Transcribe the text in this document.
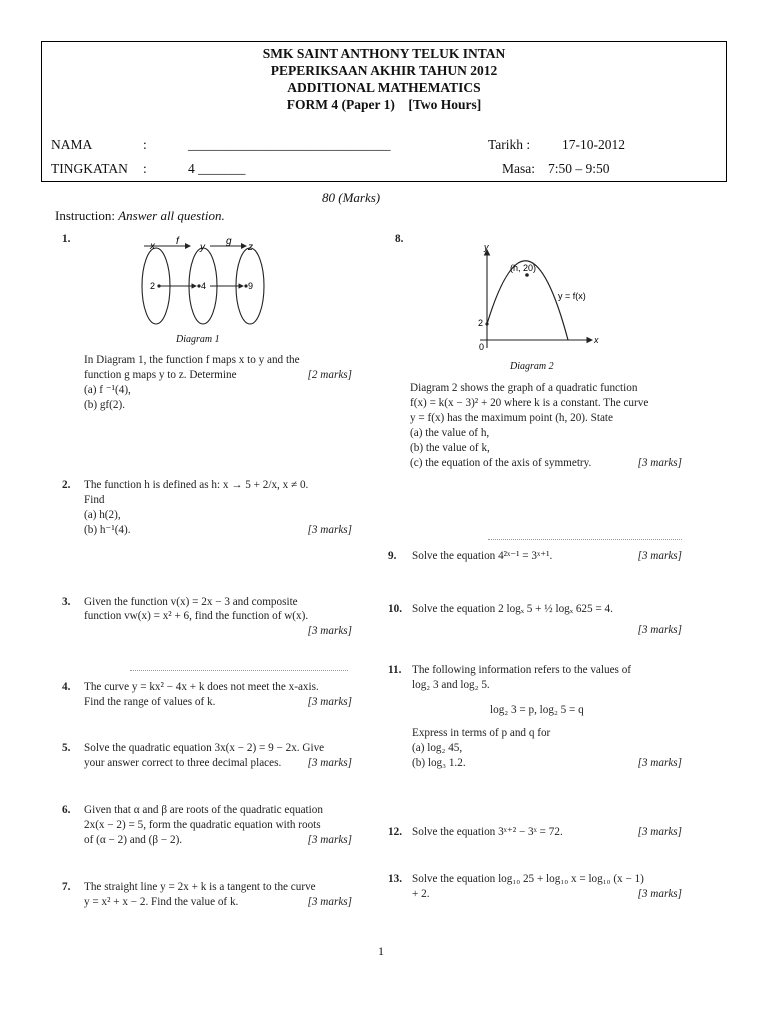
SMK SAINT ANTHONY TELUK INTAN
PEPERIKSAAN AKHIR TAHUN 2012
ADDITIONAL MATHEMATICS
FORM 4 (Paper 1)    [Two Hours]
NAMA	:	______________________________	Tarikh : 17-10-2012
TINGKATAN :	4 _______	Masa: 7:50 – 9:50
80 (Marks)
Instruction: Answer all question.
1.
x f
y
g
z
2	4	9
Diagram 1
In Diagram 1, the function f maps x to y and the
function g maps y to z. Determine	[2 marks]
(a) f ⁻¹(4),
(b) gf(2).
2. The function h is defined as h: x → 5 + 2/x, x ≠ 0.
Find
(a) h(2),
(b) h⁻¹(4).	[3 marks]
3. Given the function v(x) = 2x − 3 and composite
function vw(x) = x² + 6, find the function of w(x).
[3 marks]
4. The curve y = kx² − 4x + k does not meet the x-axis.
Find the range of values of k.	[3 marks]
5. Solve the quadratic equation 3x(x − 2) = 9 − 2x. Give
your answer correct to three decimal places. [3 marks]
6. Given that α and β are roots of the quadratic equation
2x(x − 2) = 5, form the quadratic equation with roots
of (α − 2) and (β − 2).	[3 marks]
7. The straight line y = 2x + k is a tangent to the curve
y = x² + x − 2. Find the value of k.	[3 marks]
8.
y
x
(h, 20)
y = f(x)
2
0
Diagram 2
Diagram 2 shows the graph of a quadratic function
f(x) = k(x − 3)² + 20 where k is a constant. The curve
y = f(x) has the maximum point (h, 20). State
(a) the value of h,
(b) the value of k,
(c) the equation of the axis of symmetry.	[3 marks]
9. Solve the equation 4²ˣ⁻¹ = 3ˣ⁺¹.	[3 marks]
10. Solve the equation 2 logₓ 5 + ½ logₓ 625 = 4.
[3 marks]
11. The following information refers to the values of
log₂ 3 and log₂ 5.
log₂ 3 = p, log₂ 5 = q
Express in terms of p and q for
(a) log₂ 45,
(b) log₃ 1.2.	[3 marks]
12. Solve the equation 3ˣ⁺² − 3ˣ = 72.	[3 marks]
13. Solve the equation log₁₀ 25 + log₁₀ x = log₁₀ (x − 1)
+ 2.	[3 marks]
1
